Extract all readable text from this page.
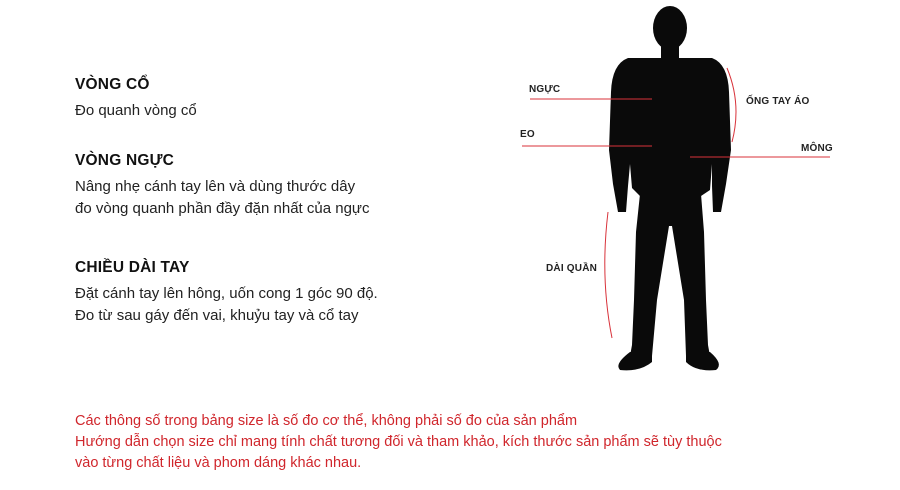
VÒNG CỔ

Đo quanh vòng cổ

VÒNG NGỰC

Nâng nhẹ cánh tay lên và dùng thước dây

đo vòng quanh phần đầy đặn nhất của ngực

CHIỀU DÀI TAY

Đặt cánh tay lên hông, uốn cong 1 góc 90 độ.

Đo từ sau gáy đến vai, khuỷu tay và cổ tay

NGỰC
EO
ỐNG TAY ÁO
MÔNG
DÀI QUẦN
Các thông số trong bảng size là số đo cơ thể, không phải số đo của sản phẩm
Hướng dẫn chọn size chỉ mang tính chất tương đối và tham khảo, kích thước sản phẩm sẽ tùy thuộc
vào từng chất liệu và phom dáng khác nhau.
